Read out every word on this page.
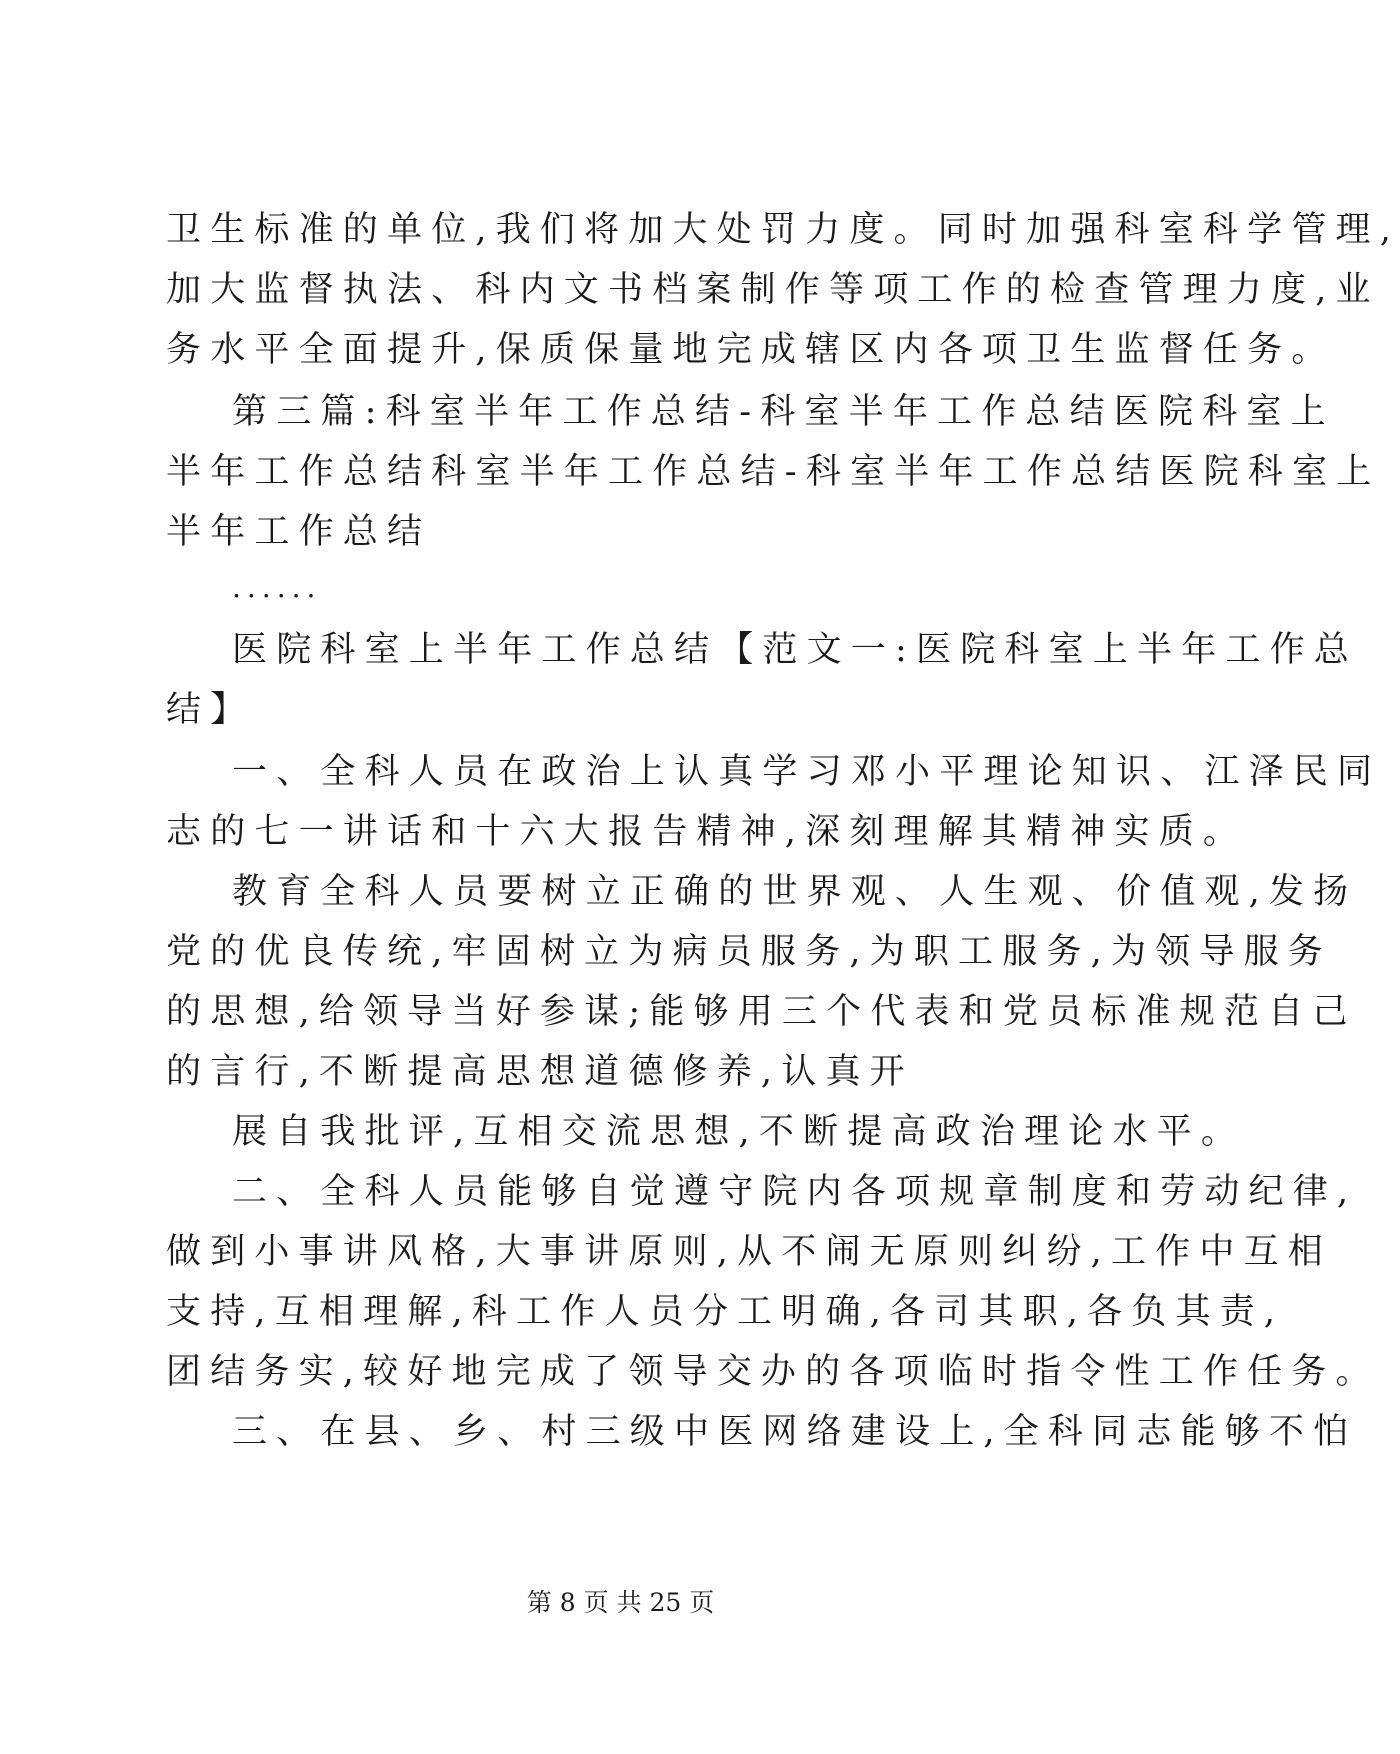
卫生标准的单位,我们将加大处罚力度。同时加强科室科学管理,
加大监督执法、科内文书档案制作等项工作的检查管理力度,业
务水平全面提升,保质保量地完成辖区内各项卫生监督任务。
第三篇:科室半年工作总结-科室半年工作总结医院科室上
半年工作总结科室半年工作总结-科室半年工作总结医院科室上
半年工作总结
......
医院科室上半年工作总结【范文一:医院科室上半年工作总
结】
一、全科人员在政治上认真学习邓小平理论知识、江泽民同
志的七一讲话和十六大报告精神,深刻理解其精神实质。
教育全科人员要树立正确的世界观、人生观、价值观,发扬
党的优良传统,牢固树立为病员服务,为职工服务,为领导服务
的思想,给领导当好参谋;能够用三个代表和党员标准规范自己
的言行,不断提高思想道德修养,认真开
展自我批评,互相交流思想,不断提高政治理论水平。
二、全科人员能够自觉遵守院内各项规章制度和劳动纪律,
做到小事讲风格,大事讲原则,从不闹无原则纠纷,工作中互相
支持,互相理解,科工作人员分工明确,各司其职,各负其责,
团结务实,较好地完成了领导交办的各项临时指令性工作任务。
三、在县、乡、村三级中医网络建设上,全科同志能够不怕
第 8 页 共 25 页
